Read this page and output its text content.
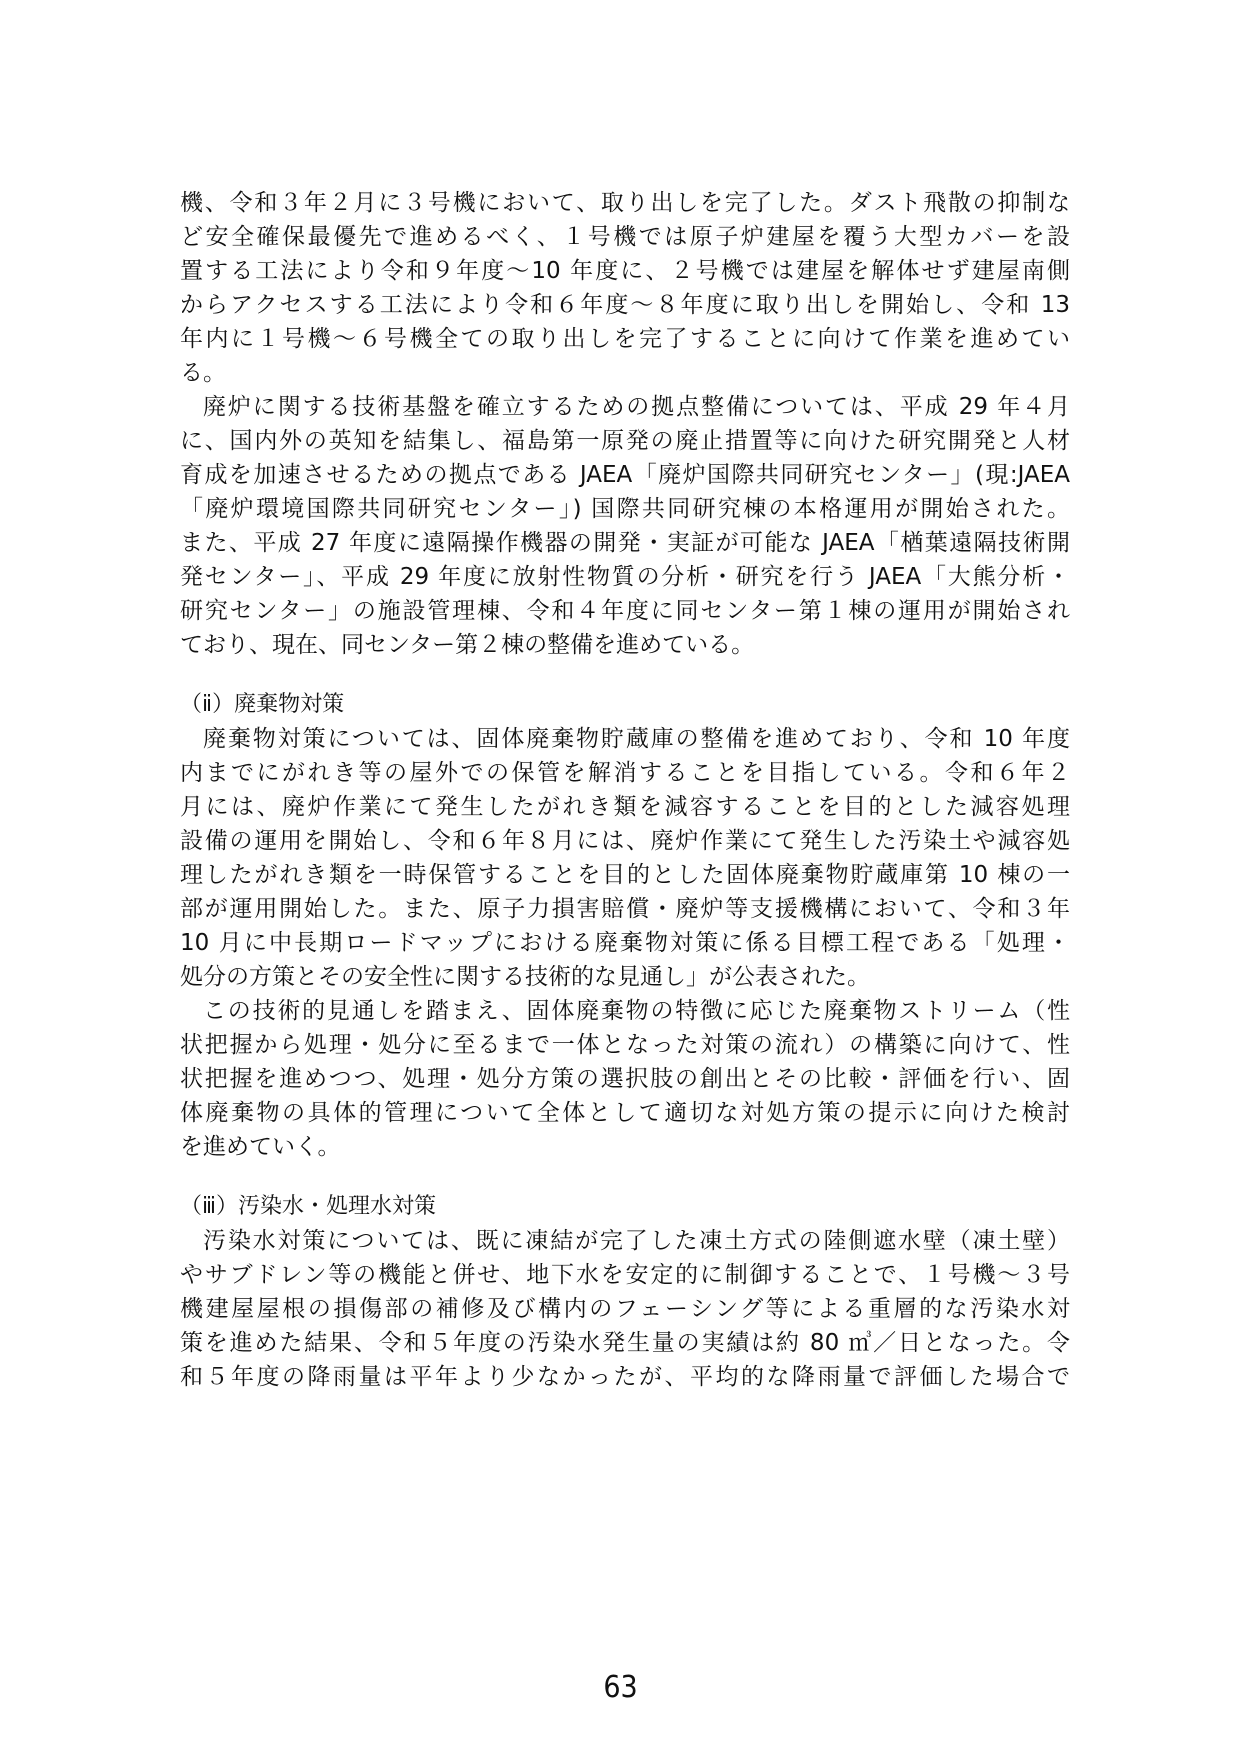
機、令和３年２月に３号機において、取り出しを完了した。ダスト飛散の抑制な
ど安全確保最優先で進めるべく、１号機では原子炉建屋を覆う大型カバーを設
置する工法により令和９年度〜10 年度に、２号機では建屋を解体せず建屋南側
からアクセスする工法により令和６年度〜８年度に取り出しを開始し、令和 13
年内に１号機〜６号機全ての取り出しを完了することに向けて作業を進めてい
る。
廃炉に関する技術基盤を確立するための拠点整備については、平成 29 年４月
に、国内外の英知を結集し、福島第一原発の廃止措置等に向けた研究開発と人材
育成を加速させるための拠点である JAEA「廃炉国際共同研究センター」(現:JAEA
「廃炉環境国際共同研究センター」) 国際共同研究棟の本格運用が開始された。
また、平成 27 年度に遠隔操作機器の開発・実証が可能な JAEA「楢葉遠隔技術開
発センター」、平成 29 年度に放射性物質の分析・研究を行う JAEA「大熊分析・
研究センター」の施設管理棟、令和４年度に同センター第１棟の運用が開始され
ており、現在、同センター第２棟の整備を進めている。
（ⅱ）廃棄物対策
廃棄物対策については、固体廃棄物貯蔵庫の整備を進めており、令和 10 年度
内までにがれき等の屋外での保管を解消することを目指している。令和６年２
月には、廃炉作業にて発生したがれき類を減容することを目的とした減容処理
設備の運用を開始し、令和６年８月には、廃炉作業にて発生した汚染土や減容処
理したがれき類を一時保管することを目的とした固体廃棄物貯蔵庫第 10 棟の一
部が運用開始した。また、原子力損害賠償・廃炉等支援機構において、令和３年
10 月に中長期ロードマップにおける廃棄物対策に係る目標工程である「処理・
処分の方策とその安全性に関する技術的な見通し」が公表された。
この技術的見通しを踏まえ、固体廃棄物の特徴に応じた廃棄物ストリーム（性
状把握から処理・処分に至るまで一体となった対策の流れ）の構築に向けて、性
状把握を進めつつ、処理・処分方策の選択肢の創出とその比較・評価を行い、固
体廃棄物の具体的管理について全体として適切な対処方策の提示に向けた検討
を進めていく。
（ⅲ）汚染水・処理水対策
汚染水対策については、既に凍結が完了した凍土方式の陸側遮水壁（凍土壁）
やサブドレン等の機能と併せ、地下水を安定的に制御することで、１号機〜３号
機建屋屋根の損傷部の補修及び構内のフェーシング等による重層的な汚染水対
策を進めた結果、令和５年度の汚染水発生量の実績は約 80 ㎥／日となった。令
和５年度の降雨量は平年より少なかったが、平均的な降雨量で評価した場合で
63
